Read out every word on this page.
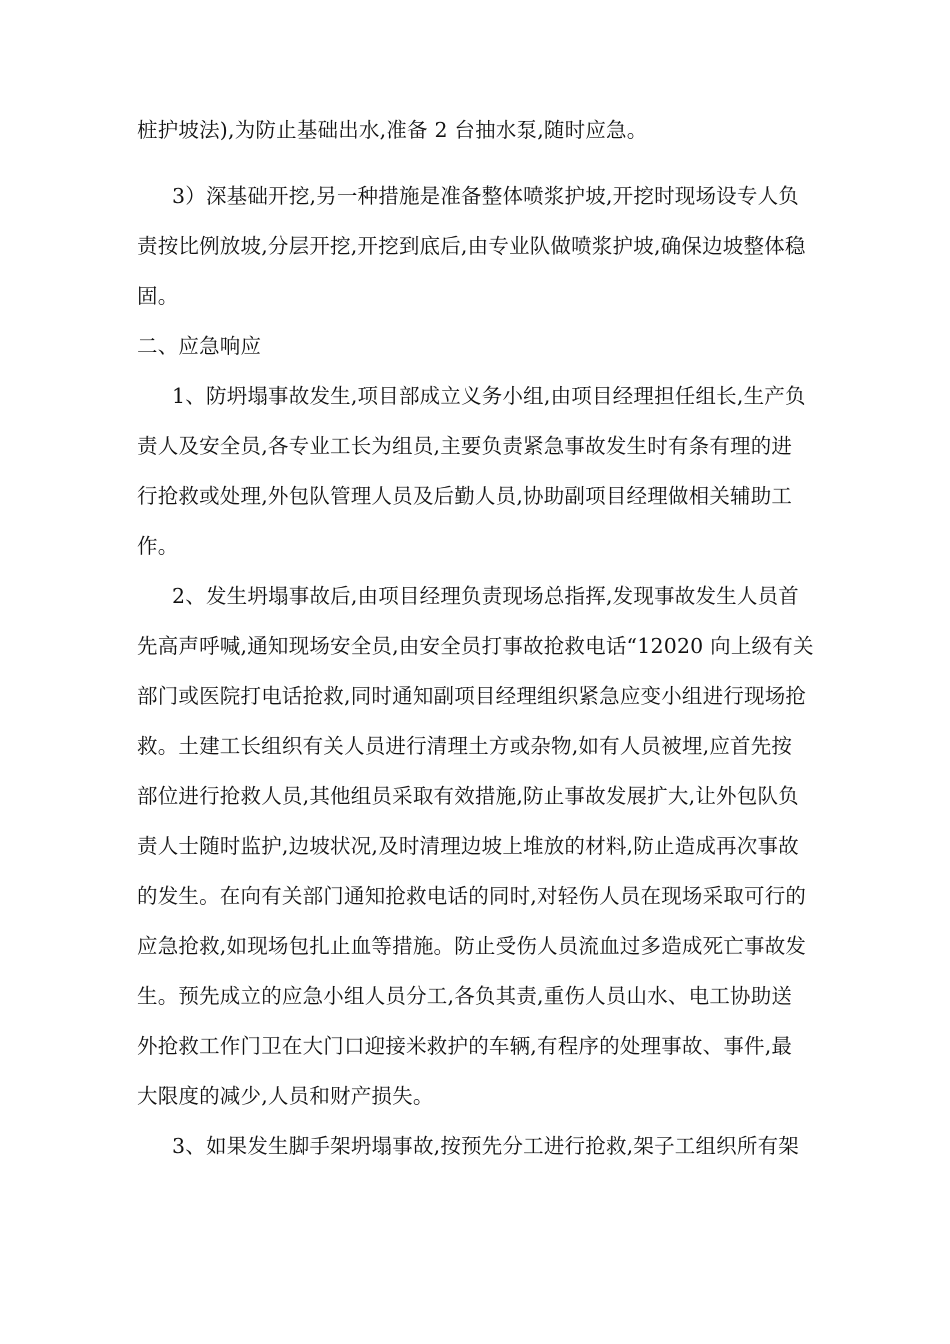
桩护坡法),为防止基础出水,准备 2 台抽水泵,随时应急。
3）深基础开挖,另一种措施是准备整体喷浆护坡,开挖时现场设专人负
责按比例放坡,分层开挖,开挖到底后,由专业队做喷浆护坡,确保边坡整体稳
固。
二、应急响应
1、防坍塌事故发生,项目部成立义务小组,由项目经理担任组长,生产负
责人及安全员,各专业工长为组员,主要负责紧急事故发生时有条有理的进
行抢救或处理,外包队管理人员及后勤人员,协助副项目经理做相关辅助工
作。
2、发生坍塌事故后,由项目经理负责现场总指挥,发现事故发生人员首
先高声呼喊,通知现场安全员,由安全员打事故抢救电话“12020 向上级有关
部门或医院打电话抢救,同时通知副项目经理组织紧急应变小组进行现场抢
救。土建工长组织有关人员进行清理土方或杂物,如有人员被埋,应首先按
部位进行抢救人员,其他组员采取有效措施,防止事故发展扩大,让外包队负
责人士随时监护,边坡状况,及时清理边坡上堆放的材料,防止造成再次事故
的发生。在向有关部门通知抢救电话的同时,对轻伤人员在现场采取可行的
应急抢救,如现场包扎止血等措施。防止受伤人员流血过多造成死亡事故发
生。预先成立的应急小组人员分工,各负其责,重伤人员山水、电工协助送
外抢救工作门卫在大门口迎接米救护的车辆,有程序的处理事故、事件,最
大限度的减少,人员和财产损失。
3、如果发生脚手架坍塌事故,按预先分工进行抢救,架子工组织所有架
